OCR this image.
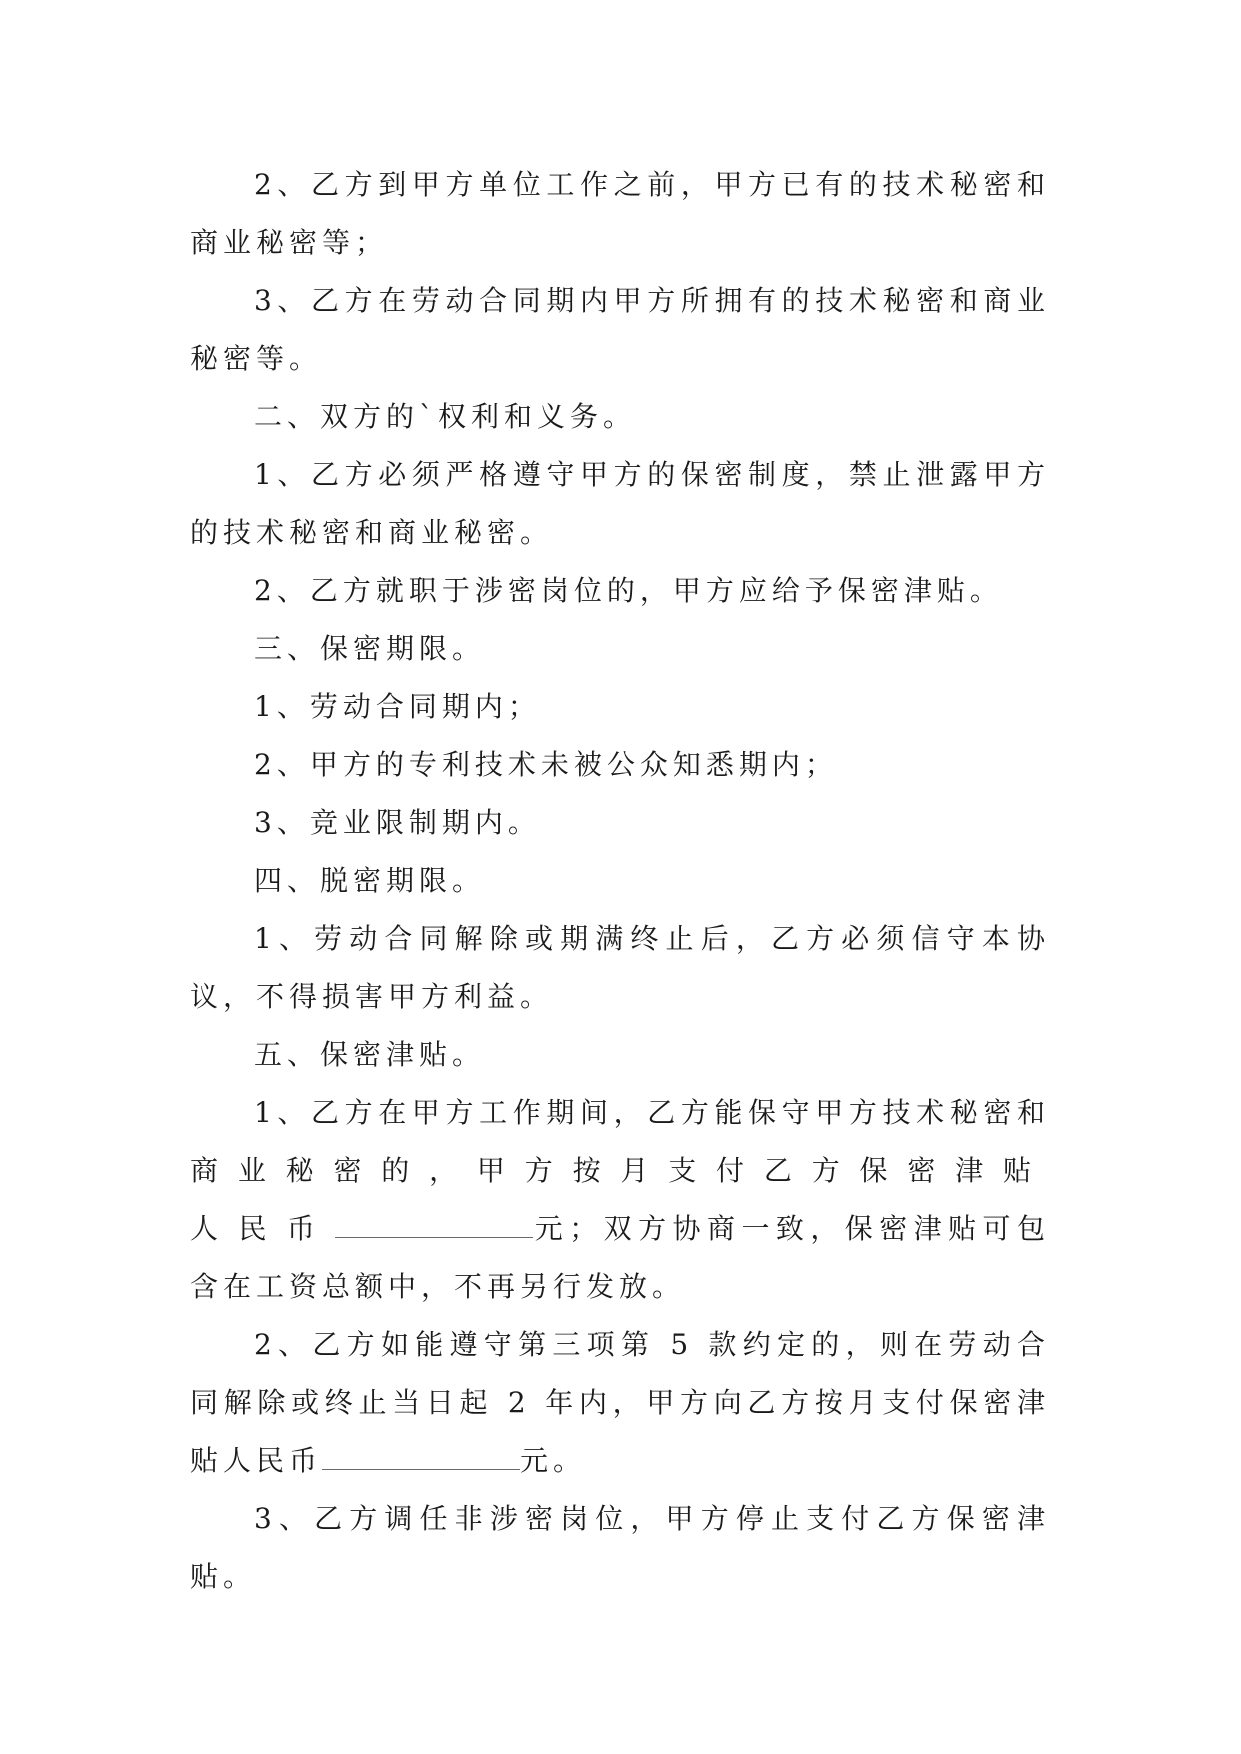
2、乙方到甲方单位工作之前，甲方已有的技术秘密和商业秘密等；

3、乙方在劳动合同期内甲方所拥有的技术秘密和商业秘密等。

二、双方的`权利和义务。

1、乙方必须严格遵守甲方的保密制度，禁止泄露甲方的技术秘密和商业秘密。

2、乙方就职于涉密岗位的，甲方应给予保密津贴。

三、保密期限。

1、劳动合同期内；

2、甲方的专利技术未被公众知悉期内；

3、竞业限制期内。

四、脱密期限。

1、劳动合同解除或期满终止后，乙方必须信守本协议，不得损害甲方利益。

五、保密津贴。

1、乙方在甲方工作期间，乙方能保守甲方技术秘密和商业秘密的，甲方按月支付乙方保密津贴人民币	元；双方协商一致，保密津贴可包含在工资总额中，不再另行发放。

2、乙方如能遵守第三项第 5 款约定的，则在劳动合同解除或终止当日起 2 年内，甲方向乙方按月支付保密津贴人民币	元。

3、乙方调任非涉密岗位，甲方停止支付乙方保密津贴。
